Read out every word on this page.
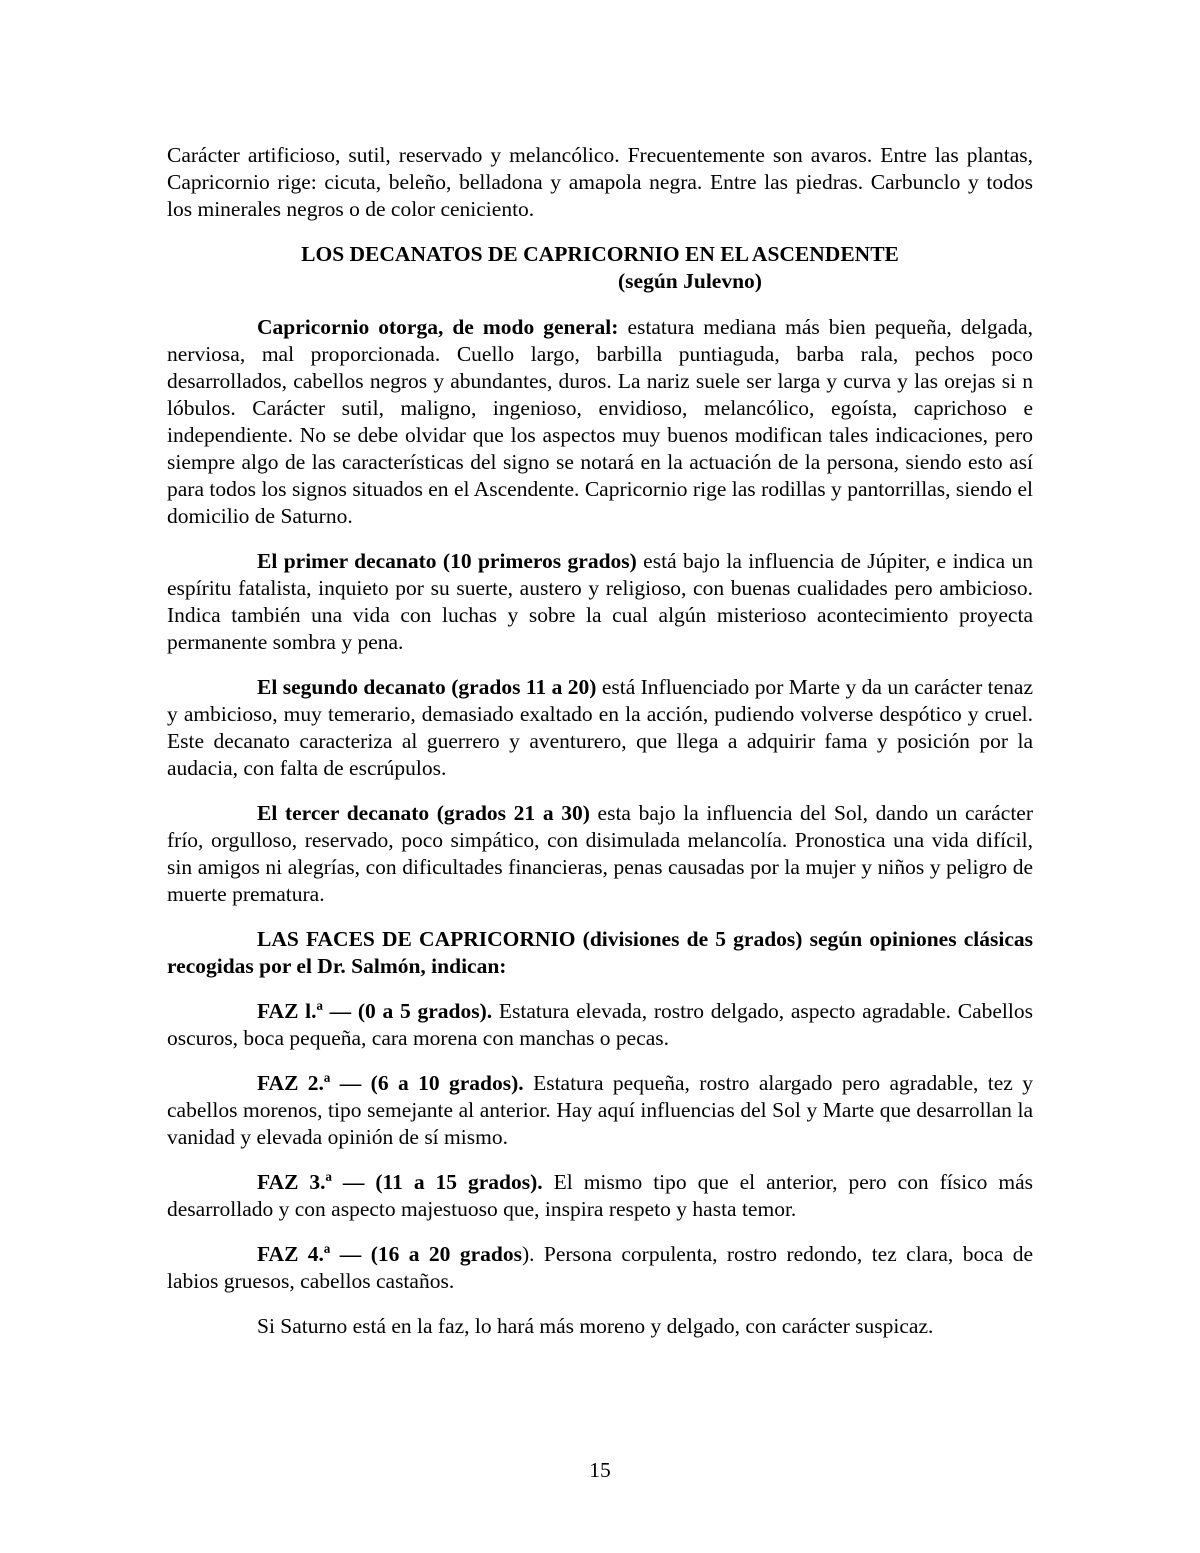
Carácter artificioso, sutil, reservado y melancólico. Frecuentemente son avaros. Entre las plantas, Capricornio rige: cicuta, beleño, belladona y amapola negra. Entre las piedras. Carbunclo y todos los minerales negros o de color ceniciento.

LOS DECANATOS DE CAPRICORNIO EN EL ASCENDENTE
(según Julevno)

Capricornio otorga, de modo general: estatura mediana más bien pequeña, delgada, nerviosa, mal proporcionada. Cuello largo, barbilla puntiaguda, barba rala, pechos poco desarrollados, cabellos negros y abundantes, duros. La nariz suele ser larga y curva y las orejas si n lóbulos. Carácter sutil, maligno, ingenioso, envidioso, melancólico, egoísta, caprichoso e independiente. No se debe olvidar que los aspectos muy buenos modifican tales indicaciones, pero siempre algo de las características del signo se notará en la actuación de la persona, siendo esto así para todos los signos situados en el Ascendente. Capricornio rige las rodillas y pantorrillas, siendo el domicilio de Saturno.

El primer decanato (10 primeros grados) está bajo la influencia de Júpiter, e indica un espíritu fatalista, inquieto por su suerte, austero y religioso, con buenas cualidades pero ambicioso. Indica también una vida con luchas y sobre la cual algún misterioso acontecimiento proyecta permanente sombra y pena.

El segundo decanato (grados 11 a 20) está Influenciado por Marte y da un carácter tenaz y ambicioso, muy temerario, demasiado exaltado en la acción, pudiendo volverse despótico y cruel. Este decanato caracteriza al guerrero y aventurero, que llega a adquirir fama y posición por la audacia, con falta de escrúpulos.

El tercer decanato (grados 21 a 30) esta bajo la influencia del Sol, dando un carácter frío, orgulloso, reservado, poco simpático, con disimulada melancolía. Pronostica una vida difícil, sin amigos ni alegrías, con dificultades financieras, penas causadas por la mujer y niños y peligro de muerte prematura.

LAS FACES DE CAPRICORNIO (divisiones de 5 grados) según opiniones clásicas recogidas por el Dr. Salmón, indican:

FAZ l.ª — (0 a 5 grados). Estatura elevada, rostro delgado, aspecto agradable. Cabellos oscuros, boca pequeña, cara morena con manchas o pecas.

FAZ 2.ª — (6 a 10 grados). Estatura pequeña, rostro alargado pero agradable, tez y cabellos morenos, tipo semejante al anterior. Hay aquí influencias del Sol y Marte que desarrollan la vanidad y elevada opinión de sí mismo.

FAZ 3.ª — (11 a 15 grados). El mismo tipo que el anterior, pero con físico más desarrollado y con aspecto majestuoso que, inspira respeto y hasta temor.

FAZ 4.ª — (16 a 20 grados). Persona corpulenta, rostro redondo, tez clara, boca de labios gruesos, cabellos castaños.

Si Saturno está en la faz, lo hará más moreno y delgado, con carácter suspicaz.

15
